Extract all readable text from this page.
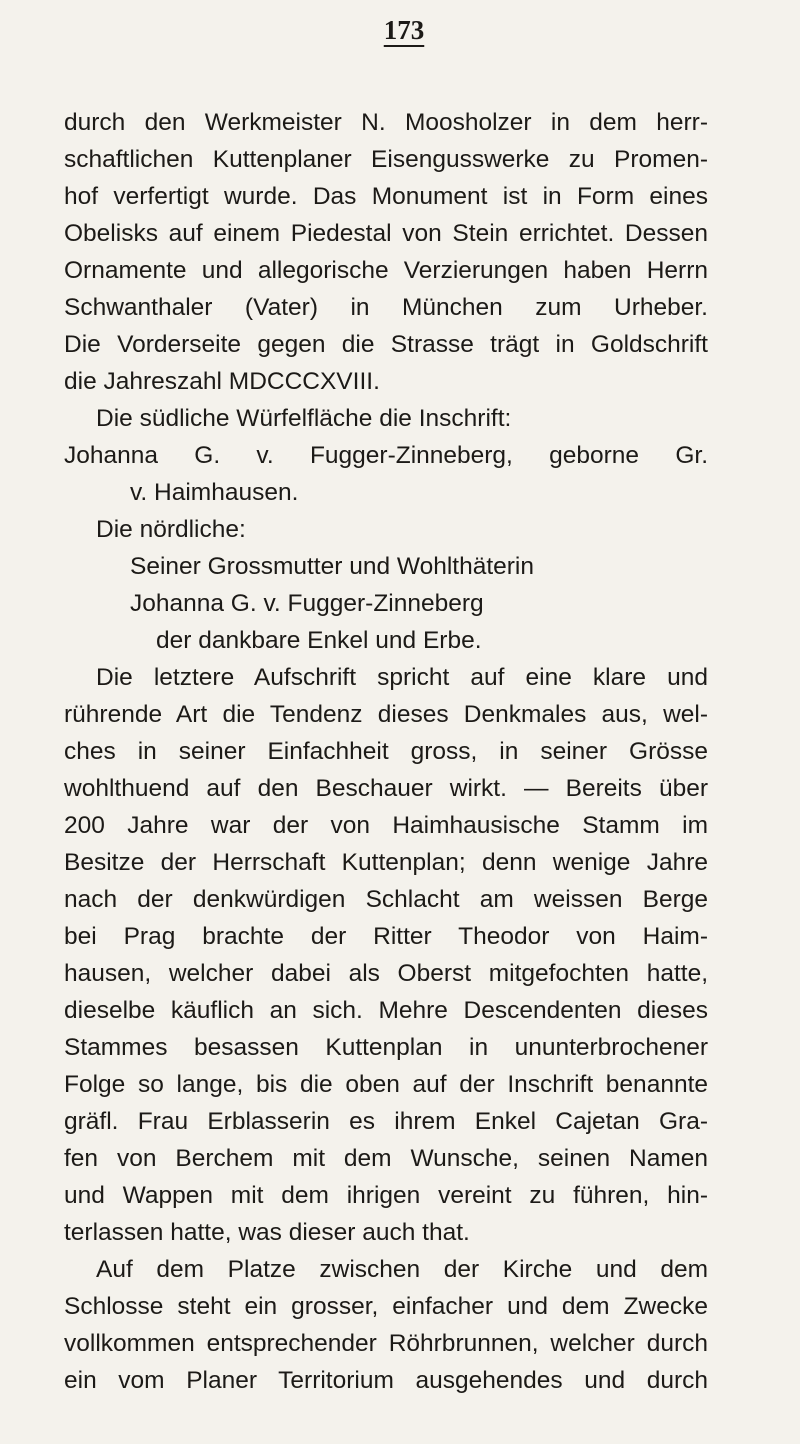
173
durch den Werkmeister N. Moosholzer in dem herr-
schaftlichen Kuttenplaner Eisengusswerke zu Promen-
hof verfertigt wurde. Das Monument ist in Form eines
Obelisks auf einem Piedestal von Stein errichtet. Dessen
Ornamente und allegorische Verzierungen haben Herrn
Schwanthaler (Vater) in München zum Urheber.
Die Vorderseite gegen die Strasse trägt in Goldschrift
die Jahreszahl MDCCCXVIII.
Die südliche Würfelfläche die Inschrift:
Johanna G. v. Fugger-Zinneberg, geborne Gr.
v. Haimhausen.
Die nördliche:
Seiner Grossmutter und Wohlthäterin
Johanna G. v. Fugger-Zinneberg
der dankbare Enkel und Erbe.
Die letztere Aufschrift spricht auf eine klare und
rührende Art die Tendenz dieses Denkmales aus, wel-
ches in seiner Einfachheit gross, in seiner Grösse
wohlthuend auf den Beschauer wirkt. — Bereits über
200 Jahre war der von Haimhausische Stamm im
Besitze der Herrschaft Kuttenplan; denn wenige Jahre
nach der denkwürdigen Schlacht am weissen Berge
bei Prag brachte der Ritter Theodor von Haim-
hausen, welcher dabei als Oberst mitgefochten hatte,
dieselbe käuflich an sich. Mehre Descendenten dieses
Stammes besassen Kuttenplan in ununterbrochener
Folge so lange, bis die oben auf der Inschrift benannte
gräfl. Frau Erblasserin es ihrem Enkel Cajetan Gra-
fen von Berchem mit dem Wunsche, seinen Namen
und Wappen mit dem ihrigen vereint zu führen, hin-
terlassen hatte, was dieser auch that.
Auf dem Platze zwischen der Kirche und dem
Schlosse steht ein grosser, einfacher und dem Zwecke
vollkommen entsprechender Röhrbrunnen, welcher durch
ein vom Planer Territorium ausgehendes und durch
